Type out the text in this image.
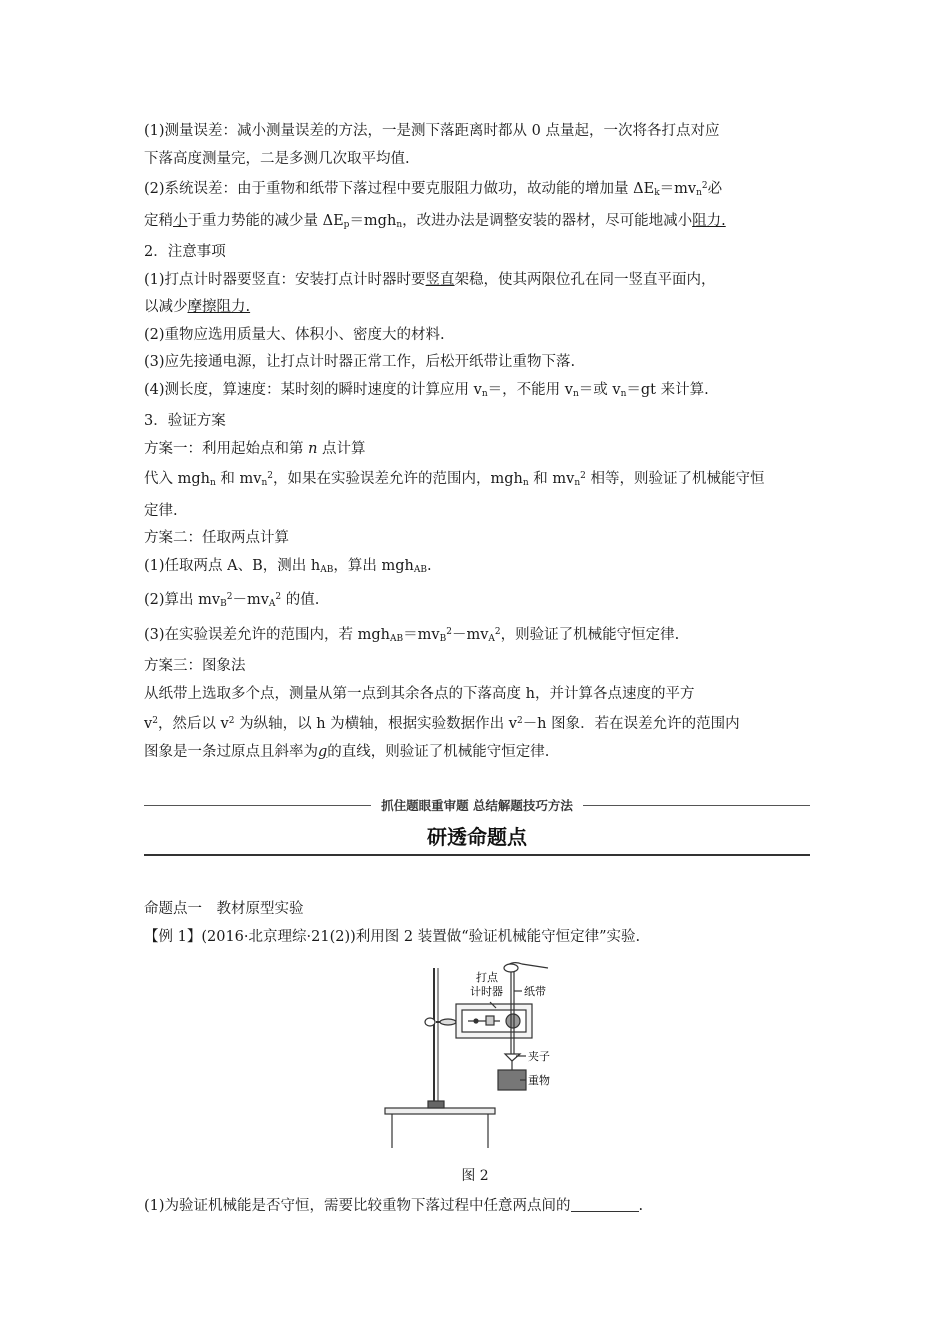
(1)测量误差：减小测量误差的方法，一是测下落距离时都从 0 点量起，一次将各打点对应
下落高度测量完，二是多测几次取平均值.
(2)系统误差：由于重物和纸带下落过程中要克服阻力做功，故动能的增加量 $\Delta E_k=mv_n^2$必
定稍小于重力势能的减少量 $\Delta E_p=mgh_n$，改进办法是调整安装的器材，尽可能地减小阻力.
2．注意事项
(1)打点计时器要竖直：安装打点计时器时要竖直架稳，使其两限位孔在同一竖直平面内，
以减少摩擦阻力.
(2)重物应选用质量大、体积小、密度大的材料.
(3)应先接通电源，让打点计时器正常工作，后松开纸带让重物下落.
(4)测长度，算速度：某时刻的瞬时速度的计算应用 $v_n=$，不能用 $v_n=$或 $v_n=gt$ 来计算.
3．验证方案
方案一：利用起始点和第 n 点计算
代入 mgh$_n$ 和 $mv_n^2$，如果在实验误差允许的范围内，mgh$_n$ 和 $mv_n^2$ 相等，则验证了机械能守恒
定律.
方案二：任取两点计算
(1)任取两点 A、B，测出 $h_{AB}$，算出 mgh$_{AB}$.
(2)算出 $mv_B^2-mv_A^2$ 的值.
(3)在实验误差允许的范围内，若 $mgh_{AB}=mv_B^2-mv_A^2$，则验证了机械能守恒定律.
方案三：图象法
从纸带上选取多个点，测量从第一点到其余各点的下落高度 h，并计算各点速度的平方
$v^2$，然后以 $v^2$ 为纵轴，以 h 为横轴，根据实验数据作出 $v^2-h$ 图象．若在误差允许的范围内
图象是一条过原点且斜率为g的直线，则验证了机械能守恒定律.
抓住题眼重审题 总结解题技巧方法
研透命题点
命题点一　教材原型实验
【例 1】(2016·北京理综·21(2))利用图 2 装置做“验证机械能守恒定律”实验.
打点
计时器 纸带
夹子
重物
图 2
(1)为验证机械能是否守恒，需要比较重物下落过程中任意两点间的	.
